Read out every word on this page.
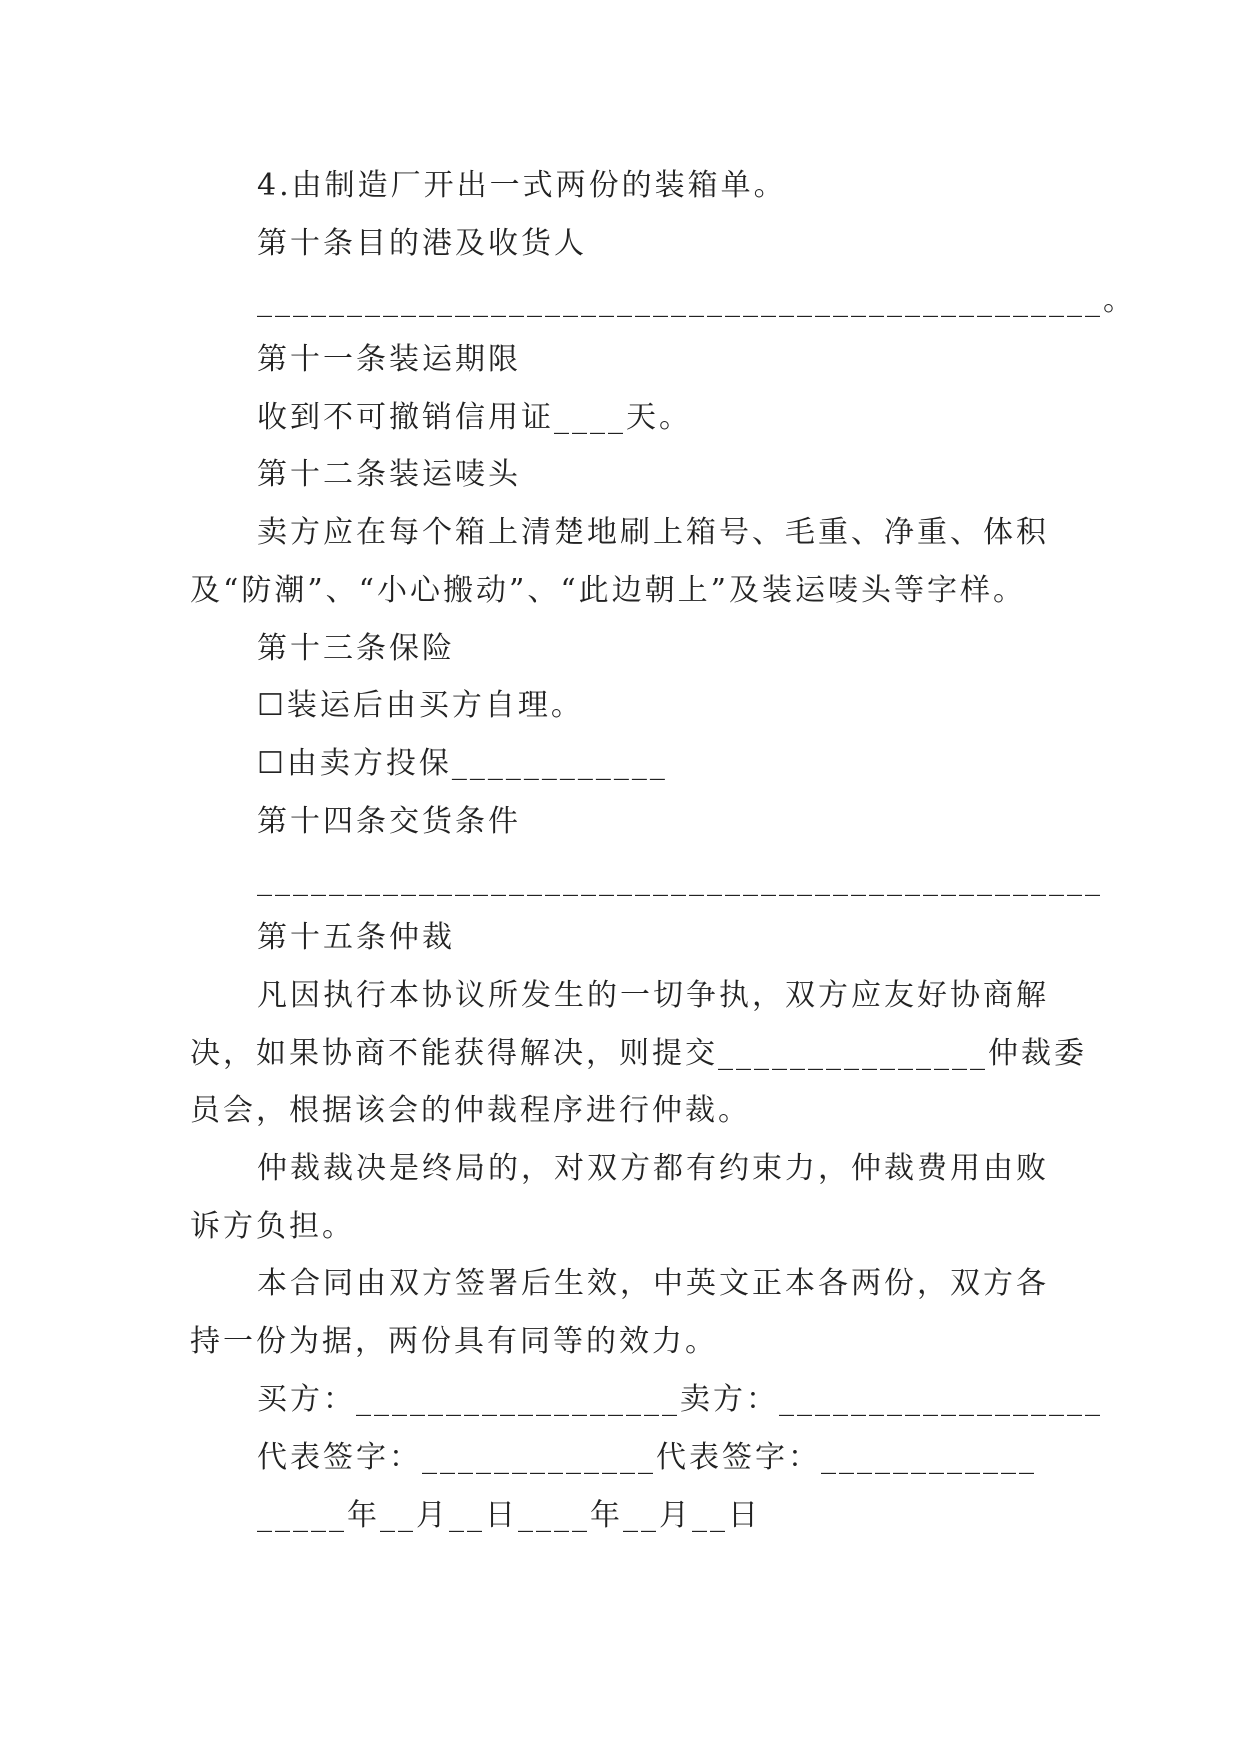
4.由制造厂开出一式两份的装箱单。
第十条目的港及收货人
_______________________________________________。
第十一条装运期限
收到不可撤销信用证____天。
第十二条装运唛头
卖方应在每个箱上清楚地刷上箱号、毛重、净重、体积
及“防潮”、“小心搬动”、“此边朝上”及装运唛头等字样。
第十三条保险
☐装运后由买方自理。
☐由卖方投保____________
第十四条交货条件
_______________________________________________
第十五条仲裁
凡因执行本协议所发生的一切争执，双方应友好协商解
决，如果协商不能获得解决，则提交_______________仲裁委
员会，根据该会的仲裁程序进行仲裁。
仲裁裁决是终局的，对双方都有约束力，仲裁费用由败
诉方负担。
本合同由双方签署后生效，中英文正本各两份，双方各
持一份为据，两份具有同等的效力。
买方：__________________卖方：__________________
代表签字：_____________代表签字：____________
_____年__月__日____年__月__日
